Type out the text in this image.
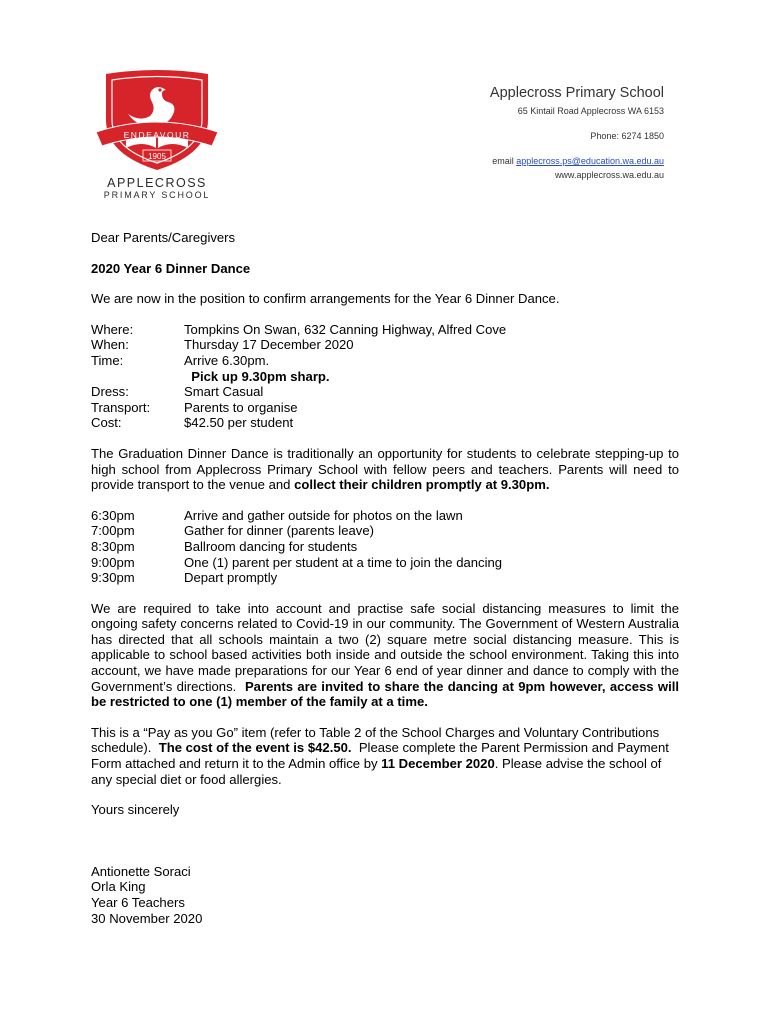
ENDEAVOUR
1905
APPLECROSS
PRIMARY SCHOOL
Applecross Primary School
65 Kintail Road Applecross WA 6153
Phone: 6274 1850
email applecross.ps@education.wa.edu.au
www.applecross.wa.edu.au

Dear Parents/Caregivers

2020 Year 6 Dinner Dance

We are now in the position to confirm arrangements for the Year 6 Dinner Dance.

Where:	Tompkins On Swan, 632 Canning Highway, Alfred Cove
When:	Thursday 17 December 2020
Time:	Arrive 6.30pm.
Pick up 9.30pm sharp.
Dress:	Smart Casual
Transport:	Parents to organise
Cost:	$42.50 per student

The Graduation Dinner Dance is traditionally an opportunity for students to celebrate stepping-up to high school from Applecross Primary School with fellow peers and teachers. Parents will need to provide transport to the venue and collect their children promptly at 9.30pm.

6:30pm	Arrive and gather outside for photos on the lawn
7:00pm	Gather for dinner (parents leave)
8:30pm	Ballroom dancing for students
9:00pm	One (1) parent per student at a time to join the dancing
9:30pm	Depart promptly

We are required to take into account and practise safe social distancing measures to limit the ongoing safety concerns related to Covid-19 in our community. The Government of Western Australia has directed that all schools maintain a two (2) square metre social distancing measure. This is applicable to school based activities both inside and outside the school environment. Taking this into account, we have made preparations for our Year 6 end of year dinner and dance to comply with the Government’s directions. Parents are invited to share the dancing at 9pm however, access will be restricted to one (1) member of the family at a time.

This is a “Pay as you Go” item (refer to Table 2 of the School Charges and Voluntary Contributions schedule). The cost of the event is $42.50. Please complete the Parent Permission and Payment Form attached and return it to the Admin office by 11 December 2020. Please advise the school of any special diet or food allergies.

Yours sincerely

Antionette Soraci
Orla King
Year 6 Teachers
30 November 2020
